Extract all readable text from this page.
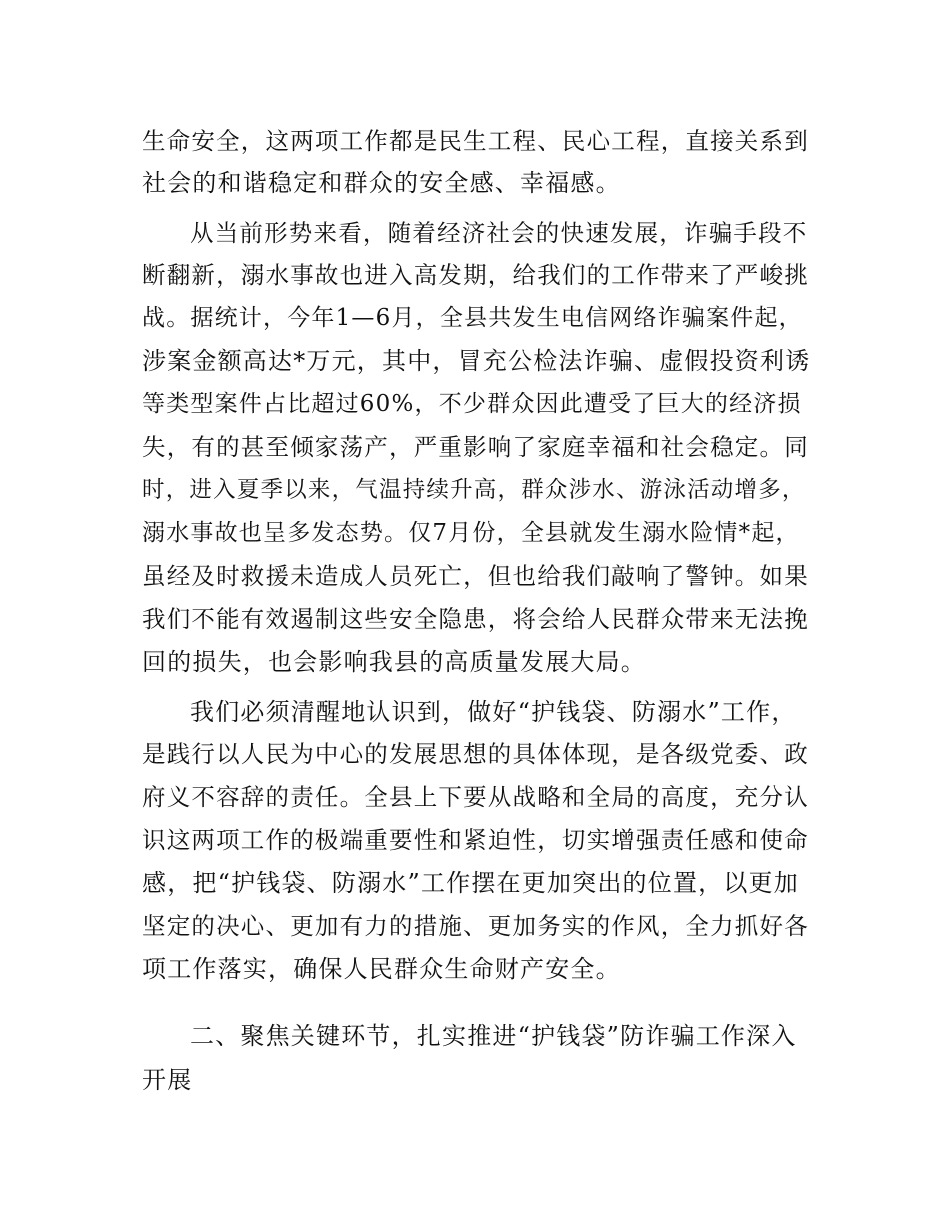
生命安全，这两项工作都是民生工程、民心工程，直接关系到

社会的和谐稳定和群众的安全感、幸福感。

从当前形势来看，随着经济社会的快速发展，诈骗手段不

断翻新，溺水事故也进入高发期，给我们的工作带来了严峻挑

战。据统计，今年1—6月，全县共发生电信网络诈骗案件起，

涉案金额高达*万元，其中，冒充公检法诈骗、虚假投资利诱

等类型案件占比超过60%，不少群众因此遭受了巨大的经济损

失，有的甚至倾家荡产，严重影响了家庭幸福和社会稳定。同

时，进入夏季以来，气温持续升高，群众涉水、游泳活动增多，

溺水事故也呈多发态势。仅7月份，全县就发生溺水险情*起，

虽经及时救援未造成人员死亡，但也给我们敲响了警钟。如果

我们不能有效遏制这些安全隐患，将会给人民群众带来无法挽

回的损失，也会影响我县的高质量发展大局。

我们必须清醒地认识到，做好“护钱袋、防溺水”工作，

是践行以人民为中心的发展思想的具体体现，是各级党委、政

府义不容辞的责任。全县上下要从战略和全局的高度，充分认

识这两项工作的极端重要性和紧迫性，切实增强责任感和使命

感，把“护钱袋、防溺水”工作摆在更加突出的位置，以更加

坚定的决心、更加有力的措施、更加务实的作风，全力抓好各

项工作落实，确保人民群众生命财产安全。

二、聚焦关键环节，扎实推进“护钱袋”防诈骗工作深入

开展
